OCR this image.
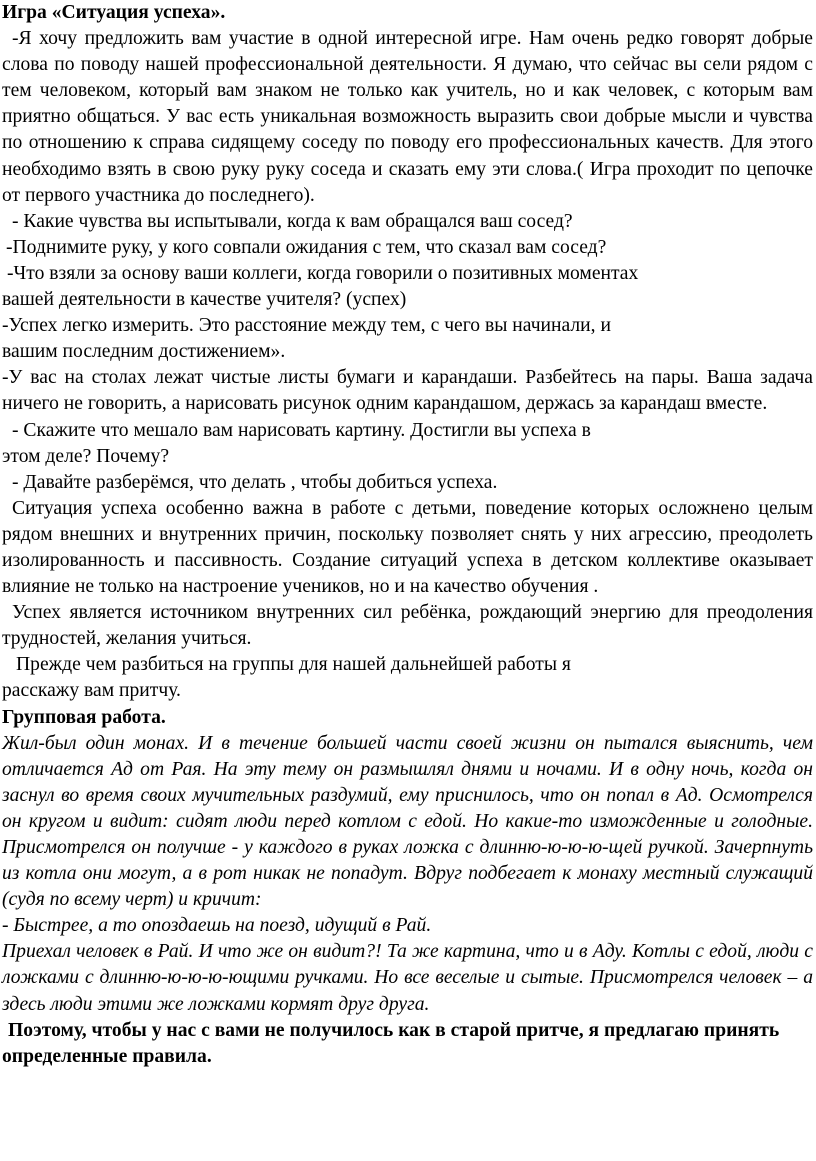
Игра «Ситуация успеха».

-Я хочу предложить вам участие в одной интересной игре. Нам очень редко говорят добрые слова по поводу нашей профессиональной деятельности. Я думаю, что сейчас вы сели рядом с тем человеком, который вам знаком не только как учитель, но и как человек, с которым вам приятно общаться. У вас есть уникальная возможность выразить свои добрые мысли и чувства по отношению к справа сидящему соседу по поводу его профессиональных качеств. Для этого необходимо взять в свою руку руку соседа и сказать ему эти слова.( Игра проходит по цепочке от первого участника до последнего).

- Какие чувства вы испытывали, когда к вам обращался ваш сосед?

-Поднимите руку, у кого совпали ожидания с тем, что сказал вам сосед?

-Что взяли за основу ваши коллеги, когда говорили о позитивных моментах

вашей деятельности в качестве учителя? (успех)

-Успех легко измерить. Это расстояние между тем, с чего вы начинали, и

вашим последним достижением».

-У вас на столах лежат чистые листы бумаги и карандаши. Разбейтесь на пары. Ваша задача ничего не говорить, а нарисовать рисунок одним карандашом, держась за карандаш вместе.

- Скажите что мешало вам нарисовать картину. Достигли вы успеха в

этом деле? Почему?

- Давайте разберёмся, что делать , чтобы добиться успеха.

Ситуация успеха особенно важна в работе с детьми, поведение которых осложнено целым рядом внешних и внутренних причин, поскольку позволяет снять у них агрессию, преодолеть изолированность и пассивность. Создание ситуаций успеха в детском коллективе оказывает влияние не только на настроение учеников, но и на качество обучения .

Успех является источником внутренних сил ребёнка, рождающий энергию для преодоления трудностей, желания учиться.

Прежде чем разбиться на группы для нашей дальнейшей работы я

расскажу вам притчу.

Групповая работа.

Жил-был один монах. И в течение большей части своей жизни он пытался выяснить, чем отличается Ад от Рая. На эту тему он размышлял днями и ночами. И в одну ночь, когда он заснул во время своих мучительных раздумий, ему приснилось, что он попал в Ад. Осмотрелся он кругом и видит: сидят люди перед котлом с едой. Но какие-то изможденные и голодные. Присмотрелся он получше - у каждого в руках ложка с длинню-ю-ю-ю-щей ручкой. Зачерпнуть из котла они могут, а в рот никак не попадут. Вдруг подбегает к монаху местный служащий (судя по всему черт) и кричит:

- Быстрее, а то опоздаешь на поезд, идущий в Рай.

Приехал человек в Рай. И что же он видит?! Та же картина, что и в Аду. Котлы с едой, люди с ложками с длинню-ю-ю-ю-ющими ручками. Но все веселые и сытые. Присмотрелся человек – а здесь люди этими же ложками кормят друг друга.

Поэтому, чтобы у нас с вами не получилось как в старой притче, я предлагаю принять определенные правила.
